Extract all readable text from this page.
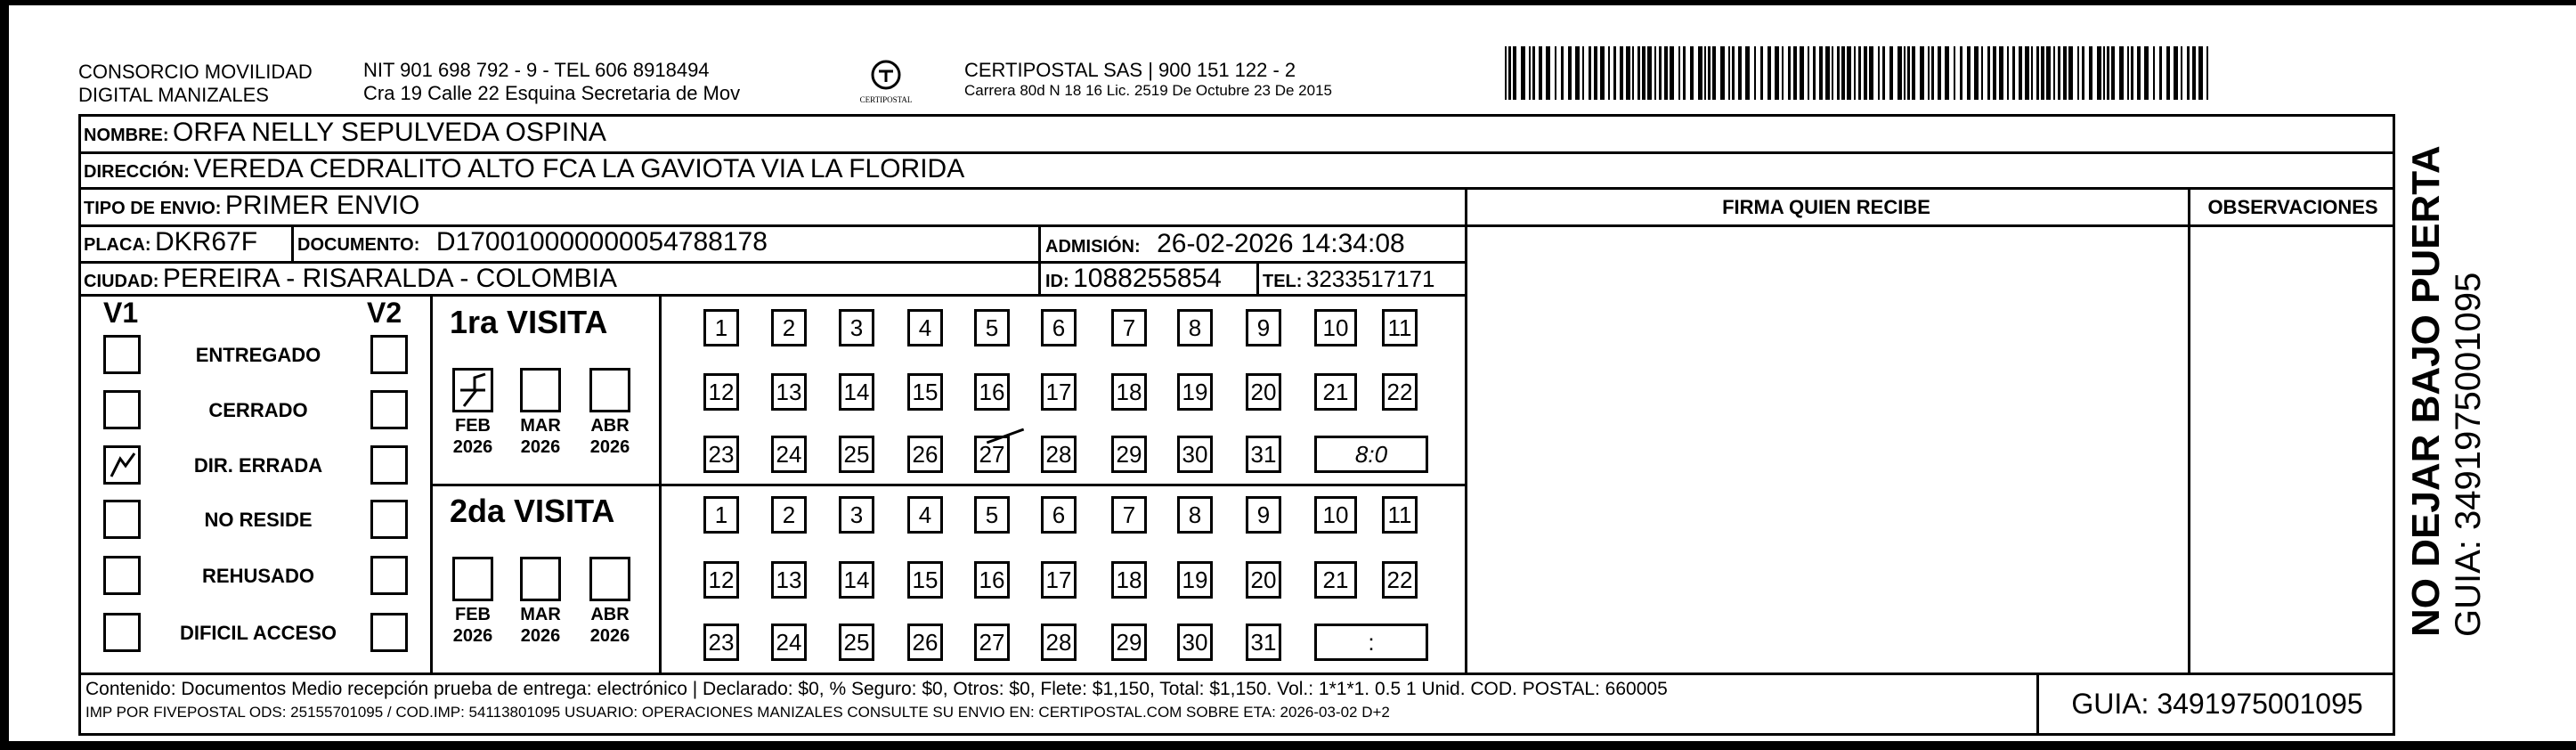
CONSORCIO MOVILIDAD
DIGITAL MANIZALES
NIT 901 698 792 - 9 - TEL 606 8918494
Cra 19 Calle 22 Esquina Secretaria de Mov	CERTIPOSTAL
CERTIPOSTAL SAS | 900 151 122 - 2
Carrera 80d N 18 16 Lic. 2519 De Octubre 23 De 2015
NOMBRE: ORFA NELLY SEPULVEDA OSPINA
DIRECCIÓN: VEREDA CEDRALITO ALTO FCA LA GAVIOTA VIA LA FLORIDA
TIPO DE ENVIO: PRIMER ENVIO
PLACA: DKR67F DOCUMENTO: D170010000000054788178	ADMISIÓN: 26-02-2026 14:34:08
CIUDAD: PEREIRA - RISARALDA - COLOMBIA	ID: 1088255854 TEL: 3233517171
FIRMA QUIEN RECIBE	OBSERVACIONES
V1	V2
ENTREGADO
CERRADO
DIR. ERRADA
NO RESIDE
REHUSADO
DIFICIL ACCESO
1ra VISITA
2da VISITA
FEB
2026
MAR
2026
ABR
2026
FEB
2026
MAR
2026
ABR
2026
1 2 3 4 5 6 7 8 9 10 11
12 13 14 15 16 17 18 19 20 21 22
23 24 25 26 27 28 29 30 31	8:0
1 2 3 4 5 6 7 8 9 10 11
12 13 14 15 16 17 18 19 20 21 22
23 24 25 26 27 28 29 30 31	:
Contenido: Documentos Medio recepción prueba de entrega: electrónico | Declarado: $0, % Seguro: $0, Otros: $0, Flete: $1,150, Total: $1,150. Vol.: 1*1*1. 0.5 1 Unid. COD. POSTAL: 660005
IMP POR FIVEPOSTAL ODS: 25155701095 / COD.IMP: 54113801095 USUARIO: OPERACIONES MANIZALES CONSULTE SU ENVIO EN: CERTIPOSTAL.COM SOBRE ETA: 2026-03-02 D+2	GUIA: 3491975001095
NO DEJAR BAJO PUERTA GUIA: 3491975001095
